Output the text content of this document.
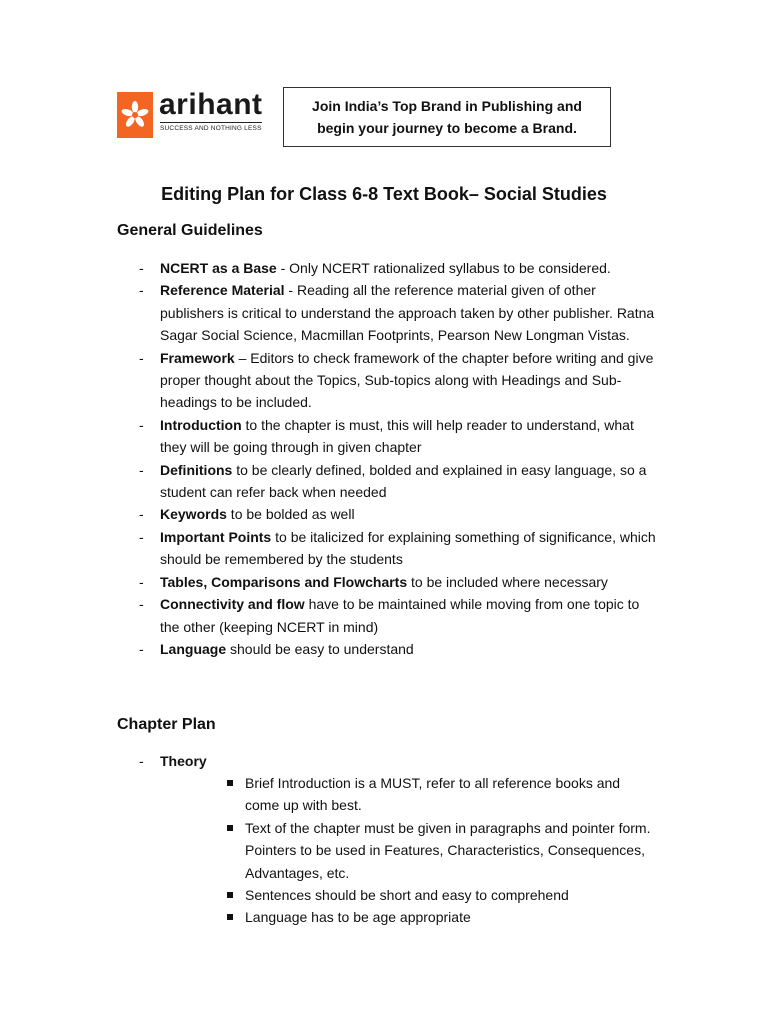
arihant
SUCCESS AND NOTHING LESS
Join India’s Top Brand in Publishing and
begin your journey to become a Brand.
Editing Plan for Class 6-8 Text Book– Social Studies
General Guidelines
- NCERT as a Base - Only NCERT rationalized syllabus to be considered.
- Reference Material - Reading all the reference material given of other publishers is critical to understand the approach taken by other publisher. Ratna Sagar Social Science, Macmillan Footprints, Pearson New Longman Vistas.
- Framework – Editors to check framework of the chapter before writing and give proper thought about the Topics, Sub-topics along with Headings and Sub-headings to be included.
- Introduction to the chapter is must, this will help reader to understand, what they will be going through in given chapter
- Definitions to be clearly defined, bolded and explained in easy language, so a student can refer back when needed
- Keywords to be bolded as well
- Important Points to be italicized for explaining something of significance, which should be remembered by the students
- Tables, Comparisons and Flowcharts to be included where necessary
- Connectivity and flow have to be maintained while moving from one topic to the other (keeping NCERT in mind)
- Language should be easy to understand
Chapter Plan
- Theory
Brief Introduction is a MUST, refer to all reference books and come up with best.
Text of the chapter must be given in paragraphs and pointer form. Pointers to be used in Features, Characteristics, Consequences, Advantages, etc.
Sentences should be short and easy to comprehend
Language has to be age appropriate
